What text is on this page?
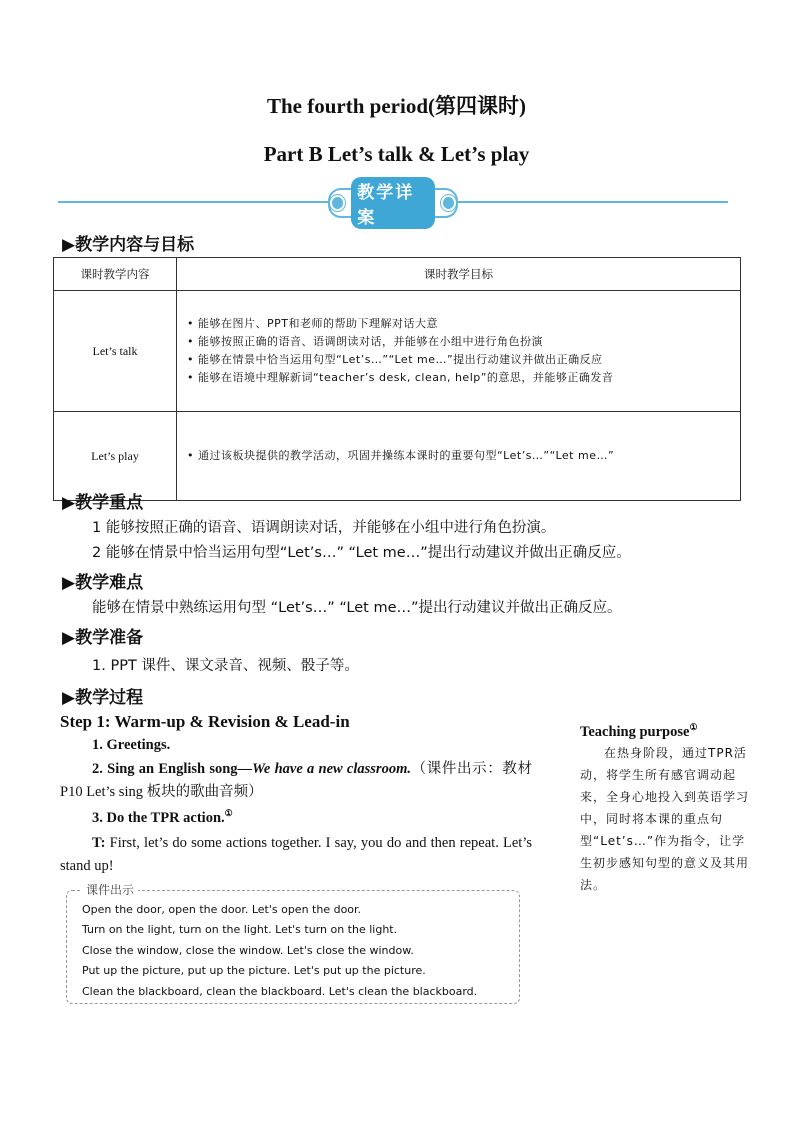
The fourth period(第四课时)
Part B Let’s talk & Let’s play
教学详案
▶教学内容与目标
课时教学内容	课时教学目标
Let’s talk	• 能够在图片、PPT和老师的帮助下理解对话大意
• 能够按照正确的语音、语调朗读对话，并能够在小组中进行角色扮演
• 能够在情景中恰当运用句型“Let’s…”“Let me…”提出行动建议并做出正确反应
• 能够在语境中理解新词“teacher’s desk, clean, help”的意思，并能够正确发音

Let’s play	• 通过该板块提供的教学活动，巩固并操练本课时的重要句型“Let’s…”“Let me…”
▶教学重点
1 能够按照正确的语音、语调朗读对话，并能够在小组中进行角色扮演。
2 能够在情景中恰当运用句型“Let’s…” “Let me…”提出行动建议并做出正确反应。
▶教学难点
能够在情景中熟练运用句型 “Let’s…” “Let me…”提出行动建议并做出正确反应。
▶教学准备
1. PPT 课件、课文录音、视频、骰子等。
▶教学过程
Step 1: Warm-up & Revision & Lead-in
1. Greetings.
2. Sing an English song—We have a new classroom.（课件出示：教材 P10 Let’s sing 板块的歌曲音频）
3. Do the TPR action.①
T: First, let’s do some actions together. I say, you do and then repeat. Let’s stand up!
Teaching purpose①
在热身阶段，通过TPR活动，将学生所有感官调动起来，全身心地投入到英语学习中，同时将本课的重点句型“Let’s…”作为指令，让学生初步感知句型的意义及其用法。
课件出示
Open the door, open the door. Let's open the door.
Turn on the light, turn on the light. Let's turn on the light.
Close the window, close the window. Let's close the window.
Put up the picture, put up the picture. Let's put up the picture.
Clean the blackboard, clean the blackboard. Let's clean the blackboard.
